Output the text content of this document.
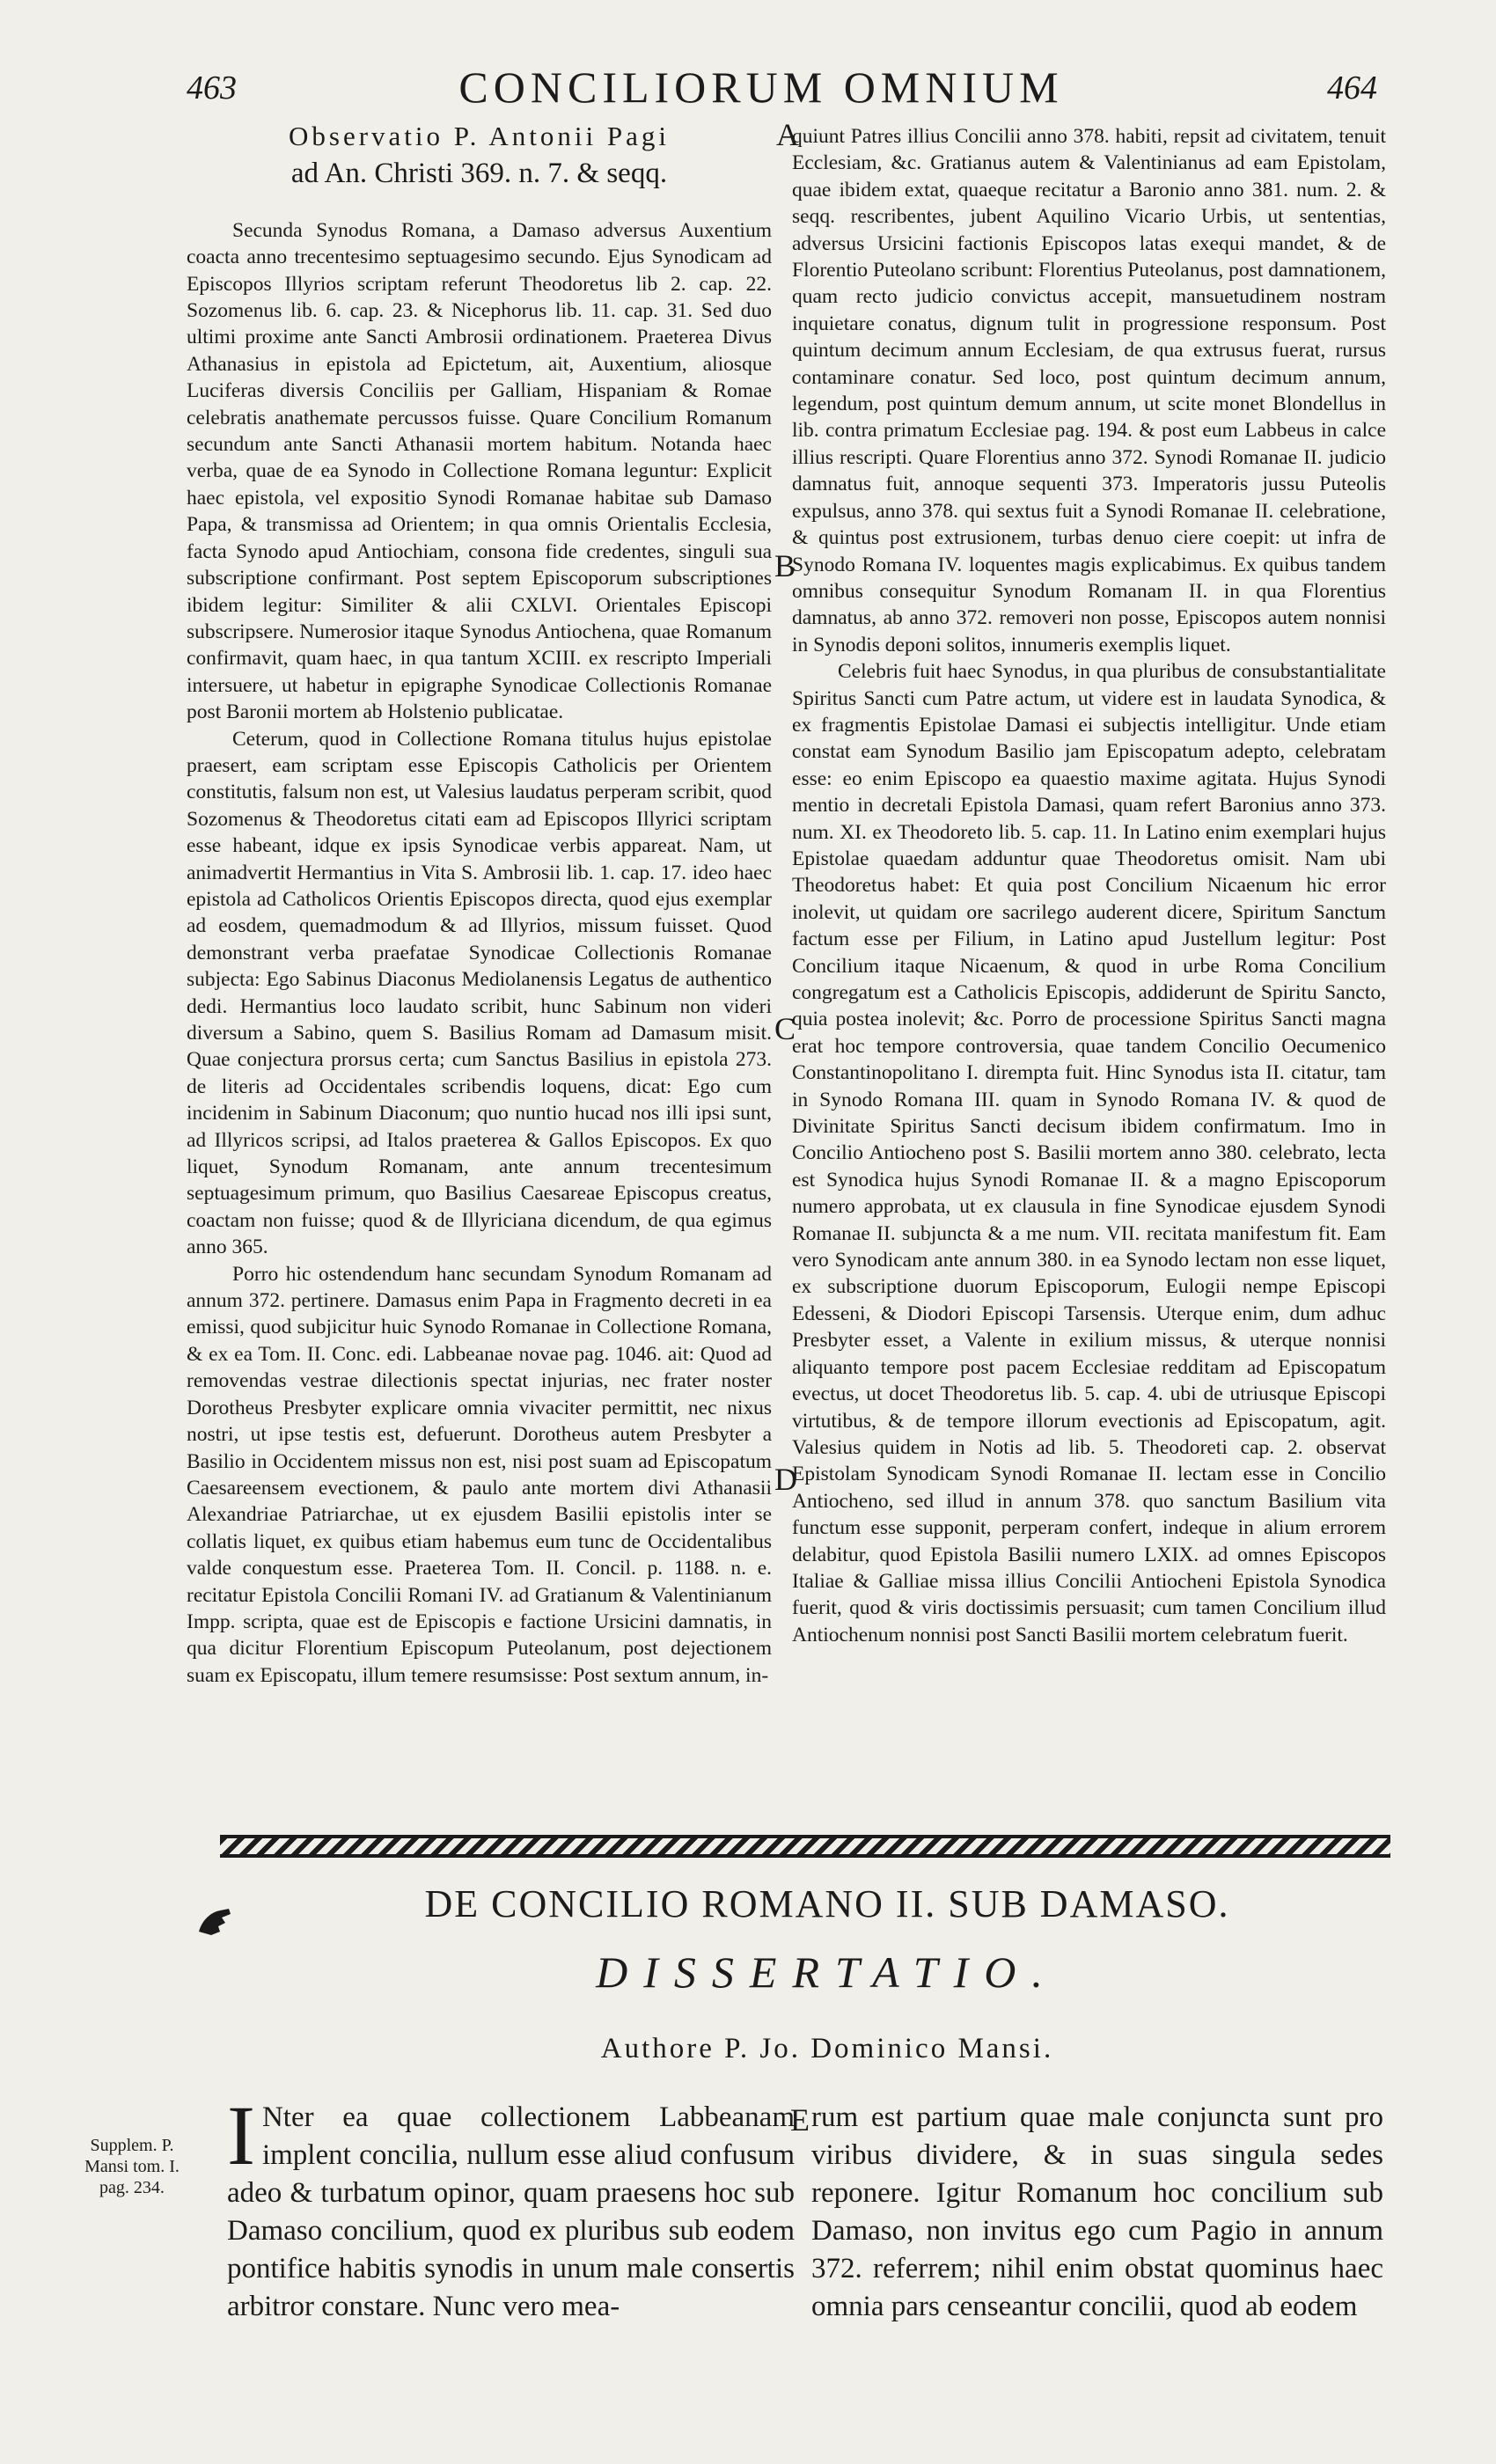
463	CONCILIORUM OMNIUM	464
Observatio P. Antonii Pagi
ad An. Christi 369. n. 7. & seqq.

Secunda Synodus Romana, a Damaso adversus Auxentium coacta anno trecentesimo septuagesimo secundo. Ejus Synodicam ad Episcopos Illyrios scriptam referunt Theodoretus lib 2. cap. 22. Sozomenus lib. 6. cap. 23. & Nicephorus lib. 11. cap. 31. Sed duo ultimi proxime ante Sancti Ambrosii ordinationem. Praeterea Divus Athanasius in epistola ad Epictetum, ait, Auxentium, aliosque Luciferas diversis Conciliis per Galliam, Hispaniam & Romae celebratis anathemate percussos fuisse. Quare Concilium Romanum secundum ante Sancti Athanasii mortem habitum. Notanda haec verba, quae de ea Synodo in Collectione Romana leguntur: Explicit haec epistola, vel expositio Synodi Romanae habitae sub Damaso Papa, & transmissa ad Orientem; in qua omnis Orientalis Ecclesia, facta Synodo apud Antiochiam, consona fide credentes, singuli sua subscriptione confirmant. Post septem Episcoporum subscriptiones ibidem legitur: Similiter & alii CXLVI. Orientales Episcopi subscripsere. Numerosior itaque Synodus Antiochena, quae Romanum confirmavit, quam haec, in qua tantum XCIII. ex rescripto Imperiali intersuere, ut habetur in epigraphe Synodicae Collectionis Romanae post Baronii mortem ab Holstenio publicatae.

Ceterum, quod in Collectione Romana titulus hujus epistolae praesert, eam scriptam esse Episcopis Catholicis per Orientem constitutis, falsum non est, ut Valesius laudatus perperam scribit, quod Sozomenus & Theodoretus citati eam ad Episcopos Illyrici scriptam esse habeant, idque ex ipsis Synodicae verbis appareat. Nam, ut animadvertit Hermantius in Vita S. Ambrosii lib. 1. cap. 17. ideo haec epistola ad Catholicos Orientis Episcopos directa, quod ejus exemplar ad eosdem, quemadmodum & ad Illyrios, missum fuisset. Quod demonstrant verba praefatae Synodicae Collectionis Romanae subjecta: Ego Sabinus Diaconus Mediolanensis Legatus de authentico dedi. Hermantius loco laudato scribit, hunc Sabinum non videri diversum a Sabino, quem S. Basilius Romam ad Damasum misit. Quae conjectura prorsus certa; cum Sanctus Basilius in epistola 273. de literis ad Occidentales scribendis loquens, dicat: Ego cum incidenim in Sabinum Diaconum; quo nuntio hucad nos illi ipsi sunt, ad Illyricos scripsi, ad Italos praeterea & Gallos Episcopos. Ex quo liquet, Synodum Romanam, ante annum trecentesimum septuagesimum primum, quo Basilius Caesareae Episcopus creatus, coactam non fuisse; quod & de Illyriciana dicendum, de qua egimus anno 365.

Porro hic ostendendum hanc secundam Synodum Romanam ad annum 372. pertinere. Damasus enim Papa in Fragmento decreti in ea emissi, quod subjicitur huic Synodo Romanae in Collectione Romana, & ex ea Tom. II. Conc. edi. Labbeanae novae pag. 1046. ait: Quod ad removendas vestrae dilectionis spectat injurias, nec frater noster Dorotheus Presbyter explicare omnia vivaciter permittit, nec nixus nostri, ut ipse testis est, defuerunt. Dorotheus autem Presbyter a Basilio in Occidentem missus non est, nisi post suam ad Episcopatum Caesareensem evectionem, & paulo ante mortem divi Athanasii Alexandriae Patriarchae, ut ex ejusdem Basilii epistolis inter se collatis liquet, ex quibus etiam habemus eum tunc de Occidentalibus valde conquestum esse. Praeterea Tom. II. Concil. p. 1188. n. e. recitatur Epistola Concilii Romani IV. ad Gratianum & Valentinianum Impp. scripta, quae est de Episcopis e factione Ursicini damnatis, in qua dicitur Florentium Episcopum Puteolanum, post dejectionem suam ex Episcopatu, illum temere resumsisse: Post sextum annum, in-

quiunt Patres illius Concilii anno 378. habiti, repsit ad civitatem, tenuit Ecclesiam, &c. Gratianus autem & Valentinianus ad eam Epistolam, quae ibidem extat, quaeque recitatur a Baronio anno 381. num. 2. & seqq. rescribentes, jubent Aquilino Vicario Urbis, ut sententias, adversus Ursicini factionis Episcopos latas exequi mandet, & de Florentio Puteolano scribunt: Florentius Puteolanus, post damnationem, quam recto judicio convictus accepit, mansuetudinem nostram inquietare conatus, dignum tulit in progressione responsum. Post quintum decimum annum Ecclesiam, de qua extrusus fuerat, rursus contaminare conatur. Sed loco, post quintum decimum annum, legendum, post quintum demum annum, ut scite monet Blondellus in lib. contra primatum Ecclesiae pag. 194. & post eum Labbeus in calce illius rescripti. Quare Florentius anno 372. Synodi Romanae II. judicio damnatus fuit, annoque sequenti 373. Imperatoris jussu Puteolis expulsus, anno 378. qui sextus fuit a Synodi Romanae II. celebratione, & quintus post extrusionem, turbas denuo ciere coepit: ut infra de Synodo Romana IV. loquentes magis explicabimus. Ex quibus tandem omnibus consequitur Synodum Romanam II. in qua Florentius damnatus, ab anno 372. removeri non posse, Episcopos autem nonnisi in Synodis deponi solitos, innumeris exemplis liquet.

Celebris fuit haec Synodus, in qua pluribus de consubstantialitate Spiritus Sancti cum Patre actum, ut videre est in laudata Synodica, & ex fragmentis Epistolae Damasi ei subjectis intelligitur. Unde etiam constat eam Synodum Basilio jam Episcopatum adepto, celebratam esse: eo enim Episcopo ea quaestio maxime agitata. Hujus Synodi mentio in decretali Epistola Damasi, quam refert Baronius anno 373. num. XI. ex Theodoreto lib. 5. cap. 11. In Latino enim exemplari hujus Epistolae quaedam adduntur quae Theodoretus omisit. Nam ubi Theodoretus habet: Et quia post Concilium Nicaenum hic error inolevit, ut quidam ore sacrilego auderent dicere, Spiritum Sanctum factum esse per Filium, in Latino apud Justellum legitur: Post Concilium itaque Nicaenum, & quod in urbe Roma Concilium congregatum est a Catholicis Episcopis, addiderunt de Spiritu Sancto, quia postea inolevit; &c. Porro de processione Spiritus Sancti magna erat hoc tempore controversia, quae tandem Concilio Oecumenico Constantinopolitano I. dirempta fuit. Hinc Synodus ista II. citatur, tam in Synodo Romana III. quam in Synodo Romana IV. & quod de Divinitate Spiritus Sancti decisum ibidem confirmatum. Imo in Concilio Antiocheno post S. Basilii mortem anno 380. celebrato, lecta est Synodica hujus Synodi Romanae II. & a magno Episcoporum numero approbata, ut ex clausula in fine Synodicae ejusdem Synodi Romanae II. subjuncta & a me num. VII. recitata manifestum fit. Eam vero Synodicam ante annum 380. in ea Synodo lectam non esse liquet, ex subscriptione duorum Episcoporum, Eulogii nempe Episcopi Edesseni, & Diodori Episcopi Tarsensis. Uterque enim, dum adhuc Presbyter esset, a Valente in exilium missus, & uterque nonnisi aliquanto tempore post pacem Ecclesiae redditam ad Episcopatum evectus, ut docet Theodoretus lib. 5. cap. 4. ubi de utriusque Episcopi virtutibus, & de tempore illorum evectionis ad Episcopatum, agit. Valesius quidem in Notis ad lib. 5. Theodoreti cap. 2. observat Epistolam Synodicam Synodi Romanae II. lectam esse in Concilio Antiocheno, sed illud in annum 378. quo sanctum Basilium vita functum esse supponit, perperam confert, indeque in alium errorem delabitur, quod Epistola Basilii numero LXIX. ad omnes Episcopos Italiae & Galliae missa illius Concilii Antiocheni Epistola Synodica fuerit, quod & viris doctissimis persuasit; cum tamen Concilium illud Antiochenum nonnisi post Sancti Basilii mortem celebratum fuerit.

A
B
C
D
DE CONCILIO ROMANO II. SUB DAMASO.
DISSERTATIO.
Authore P. Jo. Dominico Mansi.
Supplem. P.
Mansi tom. I.
pag. 234.

I Nter ea quae collectionem Labbeanam implent concilia, nullum esse aliud confusum adeo & turbatum opinor, quam praesens hoc sub Damaso concilium, quod ex pluribus sub eodem pontifice habitis synodis in unum male consertis arbitror constare. Nunc vero mea-

E rum est partium quae male conjuncta sunt pro viribus dividere, & in suas singula sedes reponere. Igitur Romanum hoc concilium sub Damaso, non invitus ego cum Pagio in annum 372. referrem; nihil enim obstat quominus haec omnia pars censeantur concilii, quod ab eodem
